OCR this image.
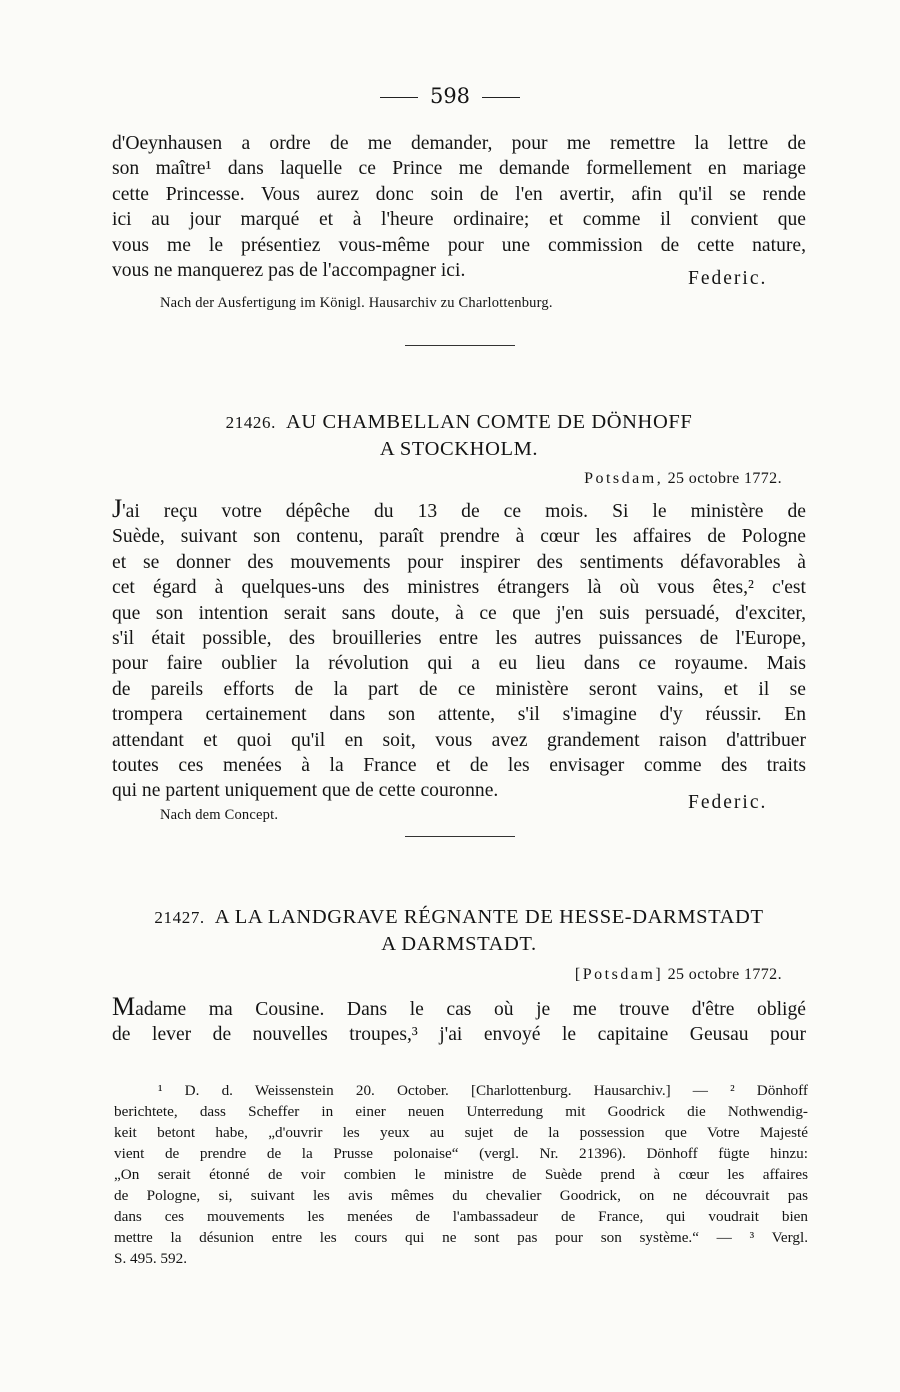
598
d'Oeynhausen a ordre de me demander, pour me remettre la lettre de
son maître¹ dans laquelle ce Prince me demande formellement en mariage
cette Princesse. Vous aurez donc soin de l'en avertir, afin qu'il se rende
ici au jour marqué et à l'heure ordinaire; et comme il convient que
vous me le présentiez vous-même pour une commission de cette nature,
vous ne manquerez pas de l'accompagner ici.	Federic.
Nach der Ausfertigung im Königl. Hausarchiv zu Charlottenburg.
21426. AU CHAMBELLAN COMTE DE DÖNHOFF
A STOCKHOLM.
Potsdam, 25 octobre 1772.
J'ai reçu votre dépêche du 13 de ce mois. Si le ministère de
Suède, suivant son contenu, paraît prendre à cœur les affaires de Pologne
et se donner des mouvements pour inspirer des sentiments défavorables à
cet égard à quelques-uns des ministres étrangers là où vous êtes,² c'est
que son intention serait sans doute, à ce que j'en suis persuadé, d'exciter,
s'il était possible, des brouilleries entre les autres puissances de l'Europe,
pour faire oublier la révolution qui a eu lieu dans ce royaume. Mais
de pareils efforts de la part de ce ministère seront vains, et il se
trompera certainement dans son attente, s'il s'imagine d'y réussir. En
attendant et quoi qu'il en soit, vous avez grandement raison d'attribuer
toutes ces menées à la France et de les envisager comme des traits
qui ne partent uniquement que de cette couronne.
Federic.
Nach dem Concept.
21427. A LA LANDGRAVE RÉGNANTE DE HESSE-DARMSTADT
A DARMSTADT.
[Potsdam] 25 octobre 1772.
Madame ma Cousine. Dans le cas où je me trouve d'être obligé
de lever de nouvelles troupes,³ j'ai envoyé le capitaine Geusau pour
¹ D. d. Weissenstein 20. October. [Charlottenburg. Hausarchiv.] — ² Dönhoff
berichtete, dass Scheffer in einer neuen Unterredung mit Goodrick die Nothwendig-
keit betont habe, „d'ouvrir les yeux au sujet de la possession que Votre Majesté
vient de prendre de la Prusse polonaise“ (vergl. Nr. 21396). Dönhoff fügte hinzu:
„On serait étonné de voir combien le ministre de Suède prend à cœur les affaires
de Pologne, si, suivant les avis mêmes du chevalier Goodrick, on ne découvrait pas
dans ces mouvements les menées de l'ambassadeur de France, qui voudrait bien
mettre la désunion entre les cours qui ne sont pas pour son système.“ — ³ Vergl.
S. 495. 592.
